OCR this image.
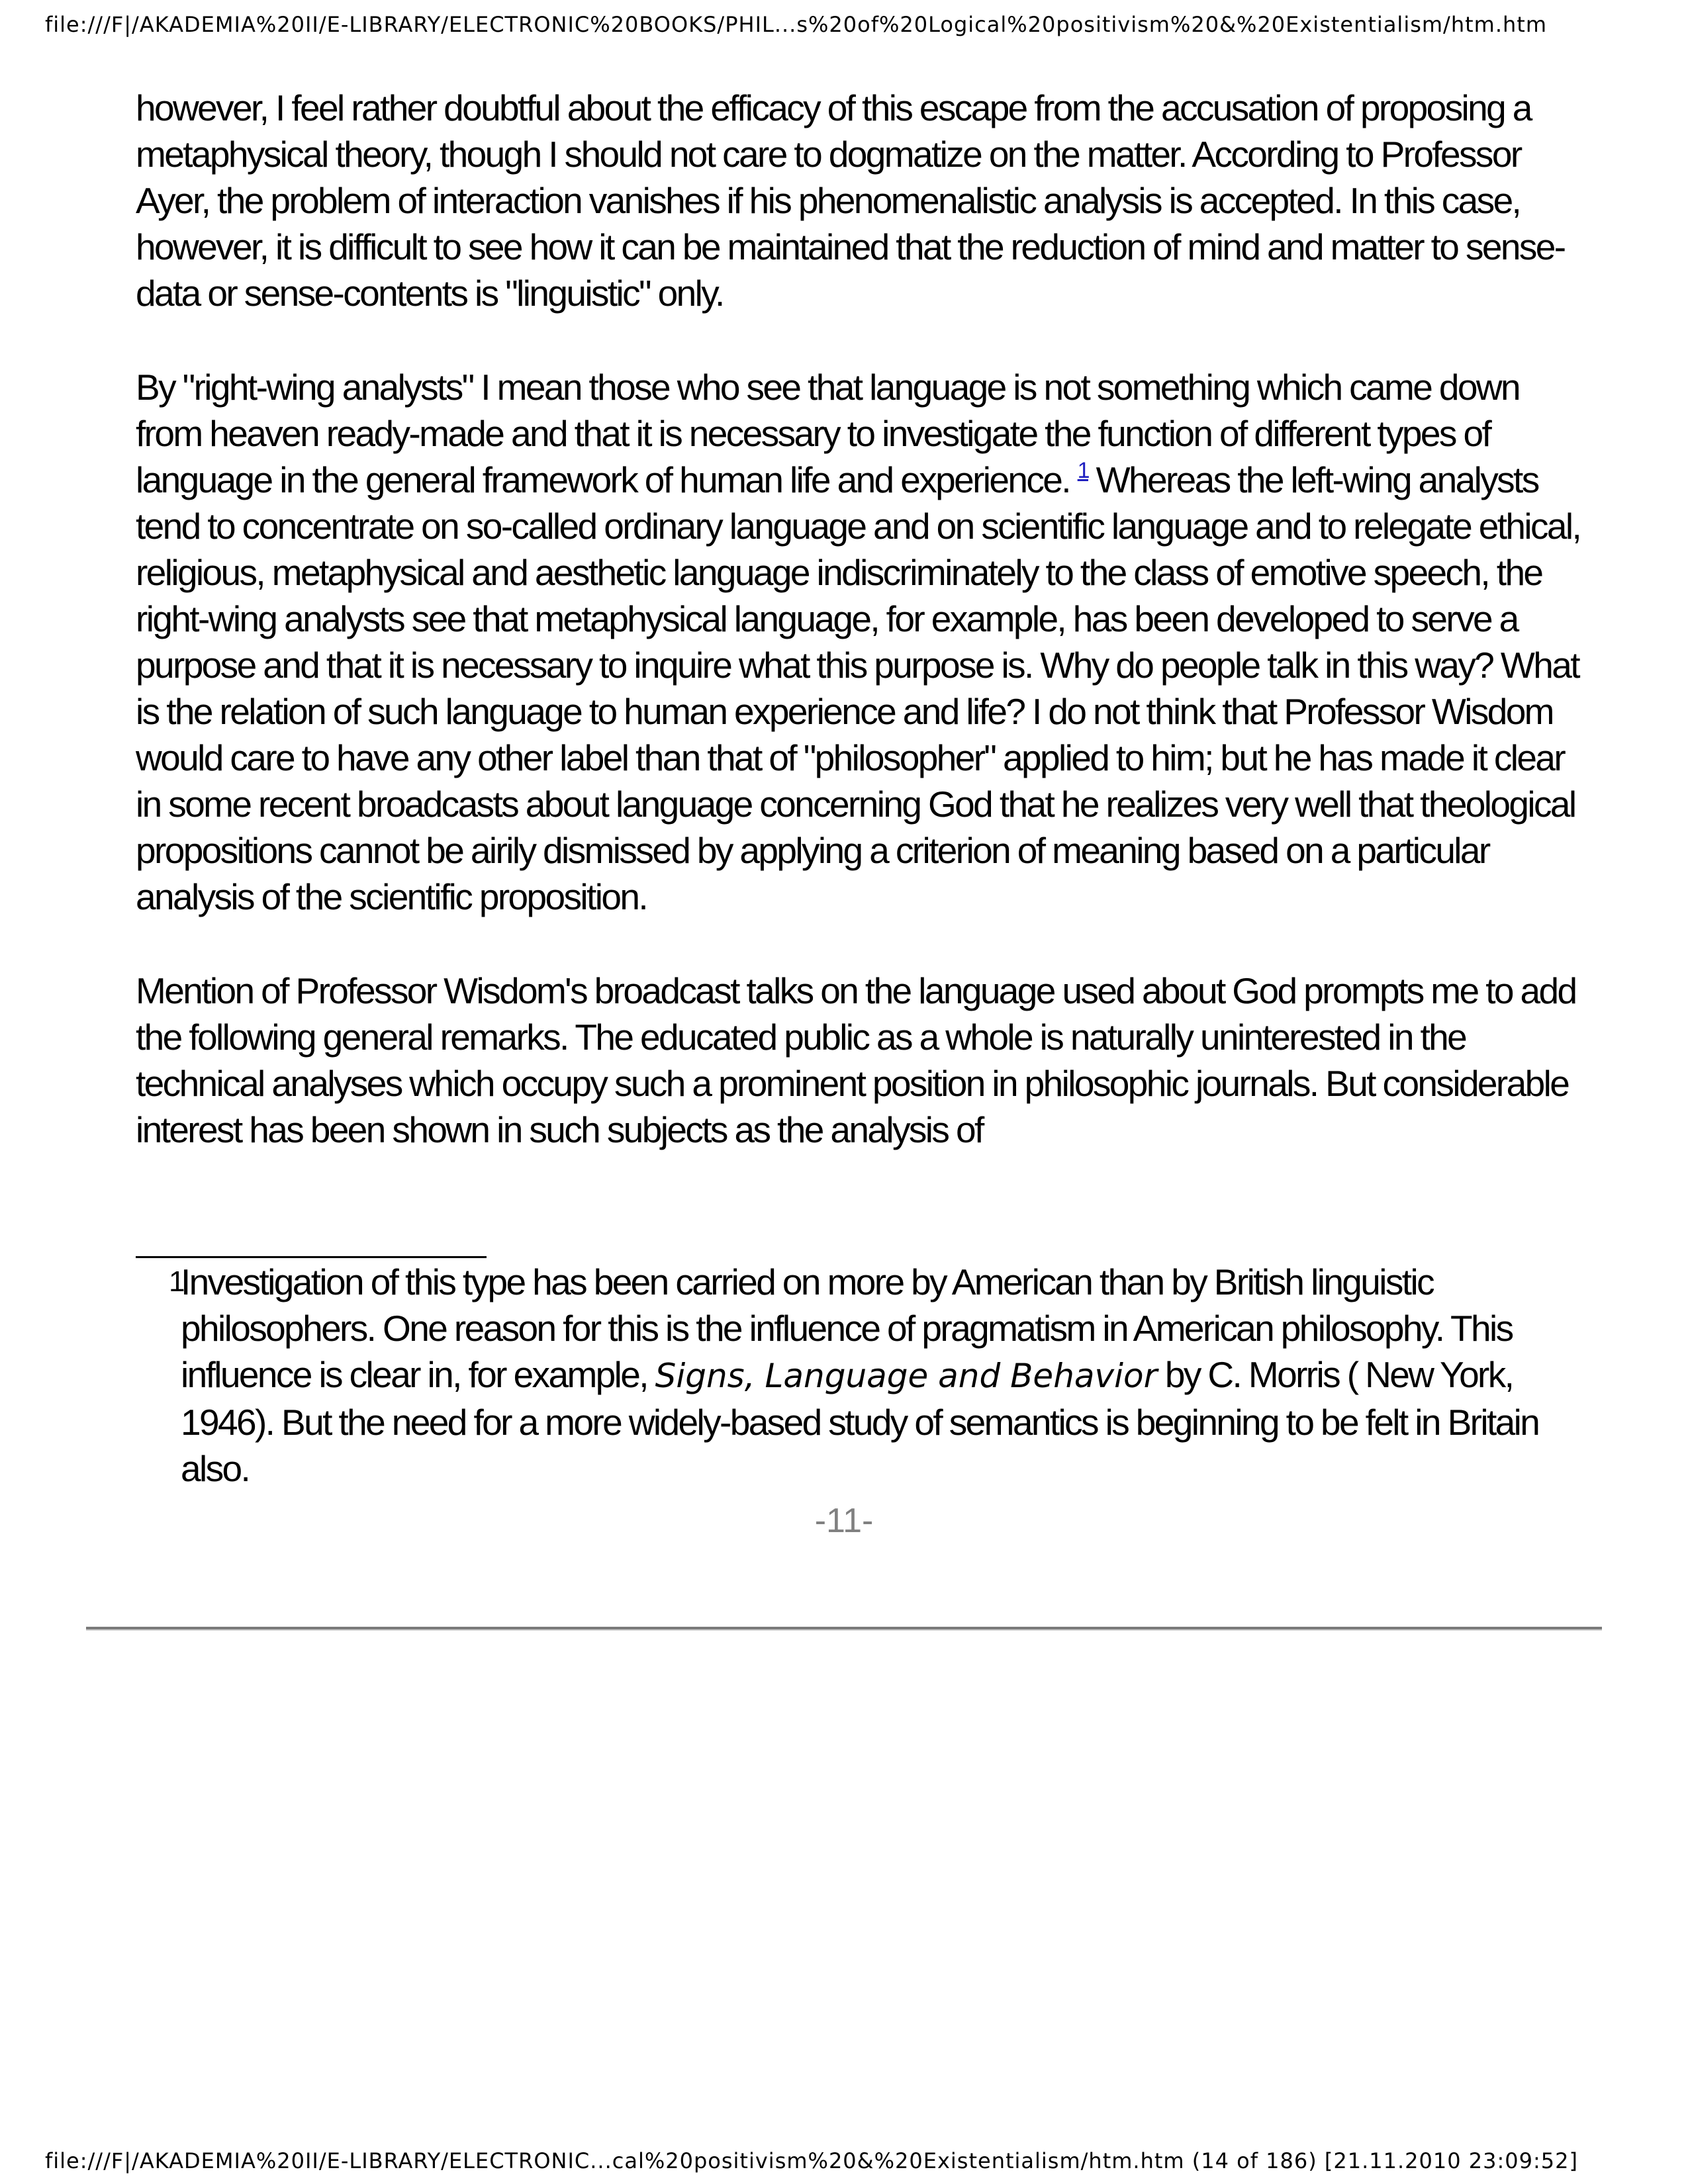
file:///F|/AKADEMIA%20II/E-LIBRARY/ELECTRONIC%20BOOKS/PHIL...s%20of%20Logical%20positivism%20&%20Existentialism/htm.htm

however, I feel rather doubtful about the efficacy of this escape from the accusation of proposing a metaphysical theory, though I should not care to dogmatize on the matter. According to Professor Ayer, the problem of interaction vanishes if his phenomenalistic analysis is accepted. In this case, however, it is difficult to see how it can be maintained that the reduction of mind and matter to sense-data or sense-contents is "linguistic" only.

By "right-wing analysts" I mean those who see that language is not something which came down from heaven ready-made and that it is necessary to investigate the function of different types of language in the general framework of human life and experience. $^1$ Whereas the left-wing analysts tend to concentrate on so-called ordinary language and on scientific language and to relegate ethical, religious, metaphysical and aesthetic language indiscriminately to the class of emotive speech, the right-wing analysts see that metaphysical language, for example, has been developed to serve a purpose and that it is necessary to inquire what this purpose is. Why do people talk in this way? What is the relation of such language to human experience and life? I do not think that Professor Wisdom would care to have any other label than that of "philosopher" applied to him; but he has made it clear in some recent broadcasts about language concerning God that he realizes very well that theological propositions cannot be airily dismissed by applying a criterion of meaning based on a particular analysis of the scientific proposition.

Mention of Professor Wisdom's broadcast talks on the language used about God prompts me to add the following general remarks. The educated public as a whole is naturally uninterested in the technical analyses which occupy such a prominent position in philosophic journals. But considerable interest has been shown in such subjects as the analysis of

1
Investigation of this type has been carried on more by American than by British linguistic philosophers. One reason for this is the influence of pragmatism in American philosophy. This influence is clear in, for example, Signs, Language and Behavior by C. Morris ( New York, 1946). But the need for a more widely-based study of semantics is beginning to be felt in Britain also.
-11-
file:///F|/AKADEMIA%20II/E-LIBRARY/ELECTRONIC...cal%20positivism%20&%20Existentialism/htm.htm (14 of 186) [21.11.2010 23:09:52]
